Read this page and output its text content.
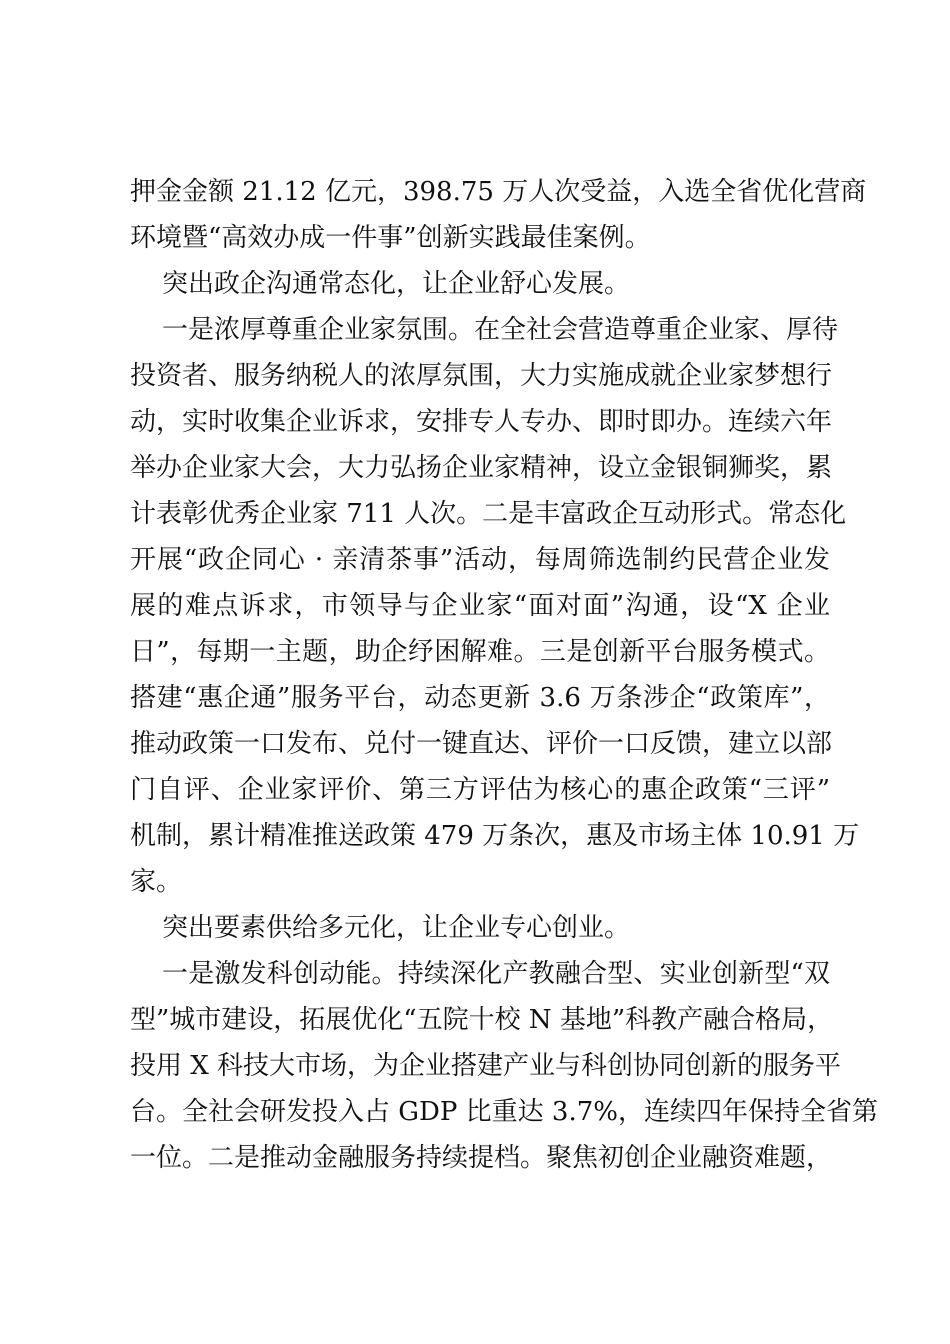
押金金额 21.12 亿元，398.75 万人次受益，入选全省优化营商
环境暨“高效办成一件事”创新实践最佳案例。
突出政企沟通常态化，让企业舒心发展。
一是浓厚尊重企业家氛围。在全社会营造尊重企业家、厚待
投资者、服务纳税人的浓厚氛围，大力实施成就企业家梦想行
动，实时收集企业诉求，安排专人专办、即时即办。连续六年
举办企业家大会，大力弘扬企业家精神，设立金银铜狮奖，累
计表彰优秀企业家 711 人次。二是丰富政企互动形式。常态化
开展“政企同心 · 亲清茶事”活动，每周筛选制约民营企业发
展的难点诉求，市领导与企业家“面对面”沟通，设“X 企业
日”，每期一主题，助企纾困解难。三是创新平台服务模式。
搭建“惠企通”服务平台，动态更新 3.6 万条涉企“政策库”，
推动政策一口发布、兑付一键直达、评价一口反馈，建立以部
门自评、企业家评价、第三方评估为核心的惠企政策“三评”
机制，累计精准推送政策 479 万条次，惠及市场主体 10.91 万
家。
突出要素供给多元化，让企业专心创业。
一是激发科创动能。持续深化产教融合型、实业创新型“双
型”城市建设，拓展优化“五院十校 N 基地”科教产融合格局，
投用 X 科技大市场，为企业搭建产业与科创协同创新的服务平
台。全社会研发投入占 GDP 比重达 3.7%，连续四年保持全省第
一位。二是推动金融服务持续提档。聚焦初创企业融资难题，
